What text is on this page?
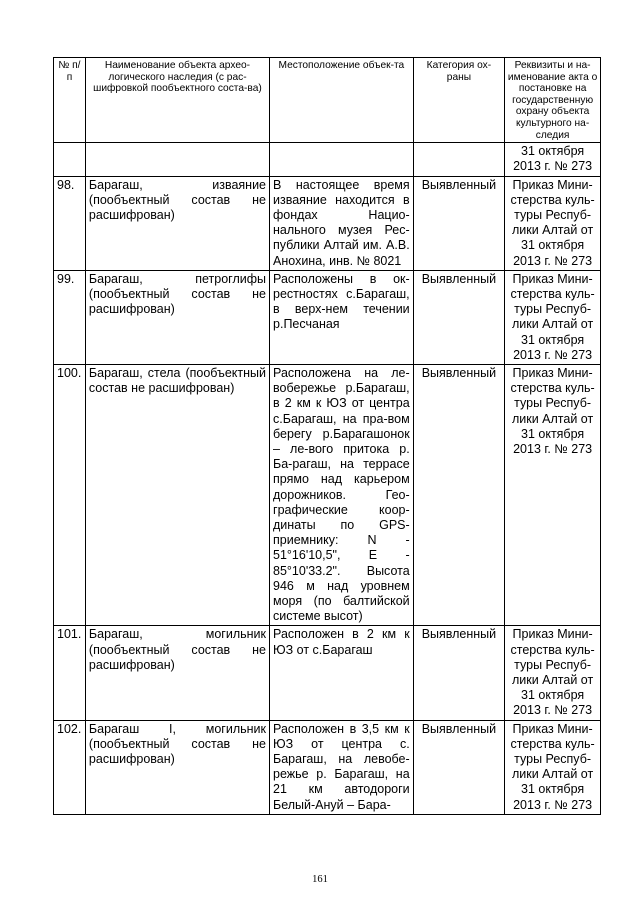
№ п/п	Наименование объекта архео-логического наследия (с рас-шифровкой пообъектного соста-ва)	Местоположение объек-та	Категория ох-раны	Реквизиты и на-именование акта о постановке на государственную охрану объекта культурного на-следия
				31 октября 2013 г. № 273
98.	Барагаш, изваяние (пообъектный состав не расшифрован)	В настоящее время изваяние находится в фондах Нацио-нального музея Рес-публики Алтай им. А.В. Анохина, инв. № 8021	Выявленный	Приказ Мини-стерства куль-туры Респуб-лики Алтай от 31 октября 2013 г. № 273
99.	Барагаш, петроглифы (пообъектный состав не расшифрован)	Расположены в ок-рестностях с.Барагаш, в верх-нем течении р.Песчаная	Выявленный	Приказ Мини-стерства куль-туры Респуб-лики Алтай от 31 октября 2013 г. № 273
100.	Барагаш, стела (пообъектный состав не расшифрован)	Расположена на ле-вобережье р.Барагаш, в 2 км к ЮЗ от центра с.Барагаш, на пра-вом берегу р.Барагашонок – ле-вого притока р. Ба-рагаш, на террасе прямо над карьером дорожников. Гео-графические коор-динаты по GPS-приемнику: N - 51°16'10,5", Е - 85°10'33.2". Высота 946 м над уровнем моря (по балтийской системе высот)	Выявленный	Приказ Мини-стерства куль-туры Респуб-лики Алтай от 31 октября 2013 г. № 273
101.	Барагаш, могильник (пообъектный состав не расшифрован)	Расположен в 2 км к ЮЗ от с.Барагаш	Выявленный	Приказ Мини-стерства куль-туры Респуб-лики Алтай от 31 октября 2013 г. № 273
102.	Барагаш I, могильник (пообъектный состав не расшифрован)	Расположен в 3,5 км к ЮЗ от центра с. Барагаш, на левобе-режье р. Барагаш, на 21 км автодороги Белый-Ануй – Бара-	Выявленный	Приказ Мини-стерства куль-туры Респуб-лики Алтай от 31 октября 2013 г. № 273
161
